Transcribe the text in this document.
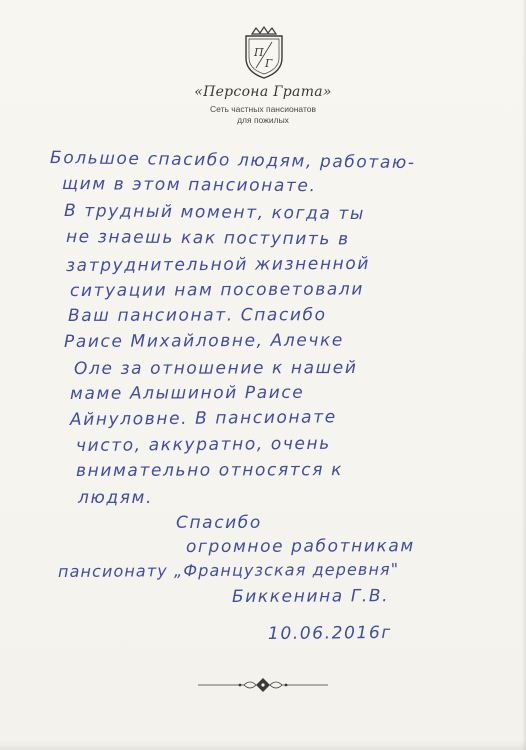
П
Г
«Персона Грата»
Сеть частных пансионатов
для пожилых
Большое спасибо людям, работаю-
щим в этом пансионате.
В трудный момент, когда ты
не знаешь как поступить в
затруднительной жизненной
ситуации нам посоветовали
Ваш пансионат. Спасибо
Раисе Михайловне, Алечке
Оле за отношение к нашей
маме Алышиной Раисе
Айнуловне. В пансионате
чисто, аккуратно, очень
внимательно относятся к
людям.
Спасибо
огромное работникам
пансионату „Французская деревня"
Биккенина Г.В.
10.06.2016г
